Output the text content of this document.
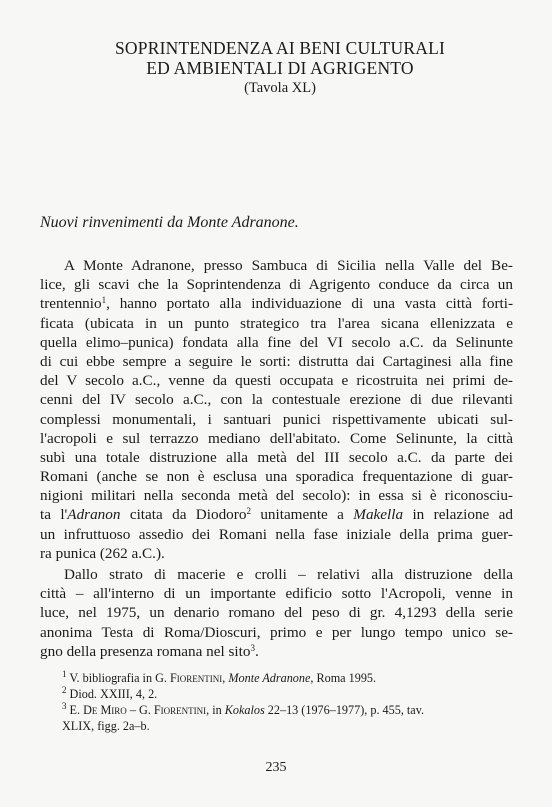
SOPRINTENDENZA AI BENI CULTURALI
ED AMBIENTALI DI AGRIGENTO
(Tavola XL)
Nuovi rinvenimenti da Monte Adranone.
A Monte Adranone, presso Sambuca di Sicilia nella Valle del Be-
lice, gli scavi che la Soprintendenza di Agrigento conduce da circa un
trentennio$^1$, hanno portato alla individuazione di una vasta città forti-
ficata (ubicata in un punto strategico tra l'area sicana ellenizzata e
quella elimo–punica) fondata alla fine del VI secolo a.C. da Selinunte
di cui ebbe sempre a seguire le sorti: distrutta dai Cartaginesi alla fine
del V secolo a.C., venne da questi occupata e ricostruita nei primi de-
cenni del IV secolo a.C., con la contestuale erezione di due rilevanti
complessi monumentali, i santuari punici rispettivamente ubicati sul-
l'acropoli e sul terrazzo mediano dell'abitato. Come Selinunte, la città
subì una totale distruzione alla metà del III secolo a.C. da parte dei
Romani (anche se non è esclusa una sporadica frequentazione di guar-
nigioni militari nella seconda metà del secolo): in essa si è riconosciu-
ta l'Adranon citata da Diodoro$^2$ unitamente a Makella in relazione ad
un infruttuoso assedio dei Romani nella fase iniziale della prima guer-
ra punica (262 a.C.).
Dallo strato di macerie e crolli – relativi alla distruzione della
città – all'interno di un importante edificio sotto l'Acropoli, venne in
luce, nel 1975, un denario romano del peso di gr. 4,1293 della serie
anonima Testa di Roma/Dioscuri, primo e per lungo tempo unico se-
gno della presenza romana nel sito$^3$.
$^1$ V. bibliografia in G. Fiorentini, Monte Adranone, Roma 1995.
$^2$ Diod. XXIII, 4, 2.
$^3$ E. De Miro – G. Fiorentini, in Kokalos 22–13 (1976–1977), p. 455, tav.
XLIX, figg. 2a–b.
235
